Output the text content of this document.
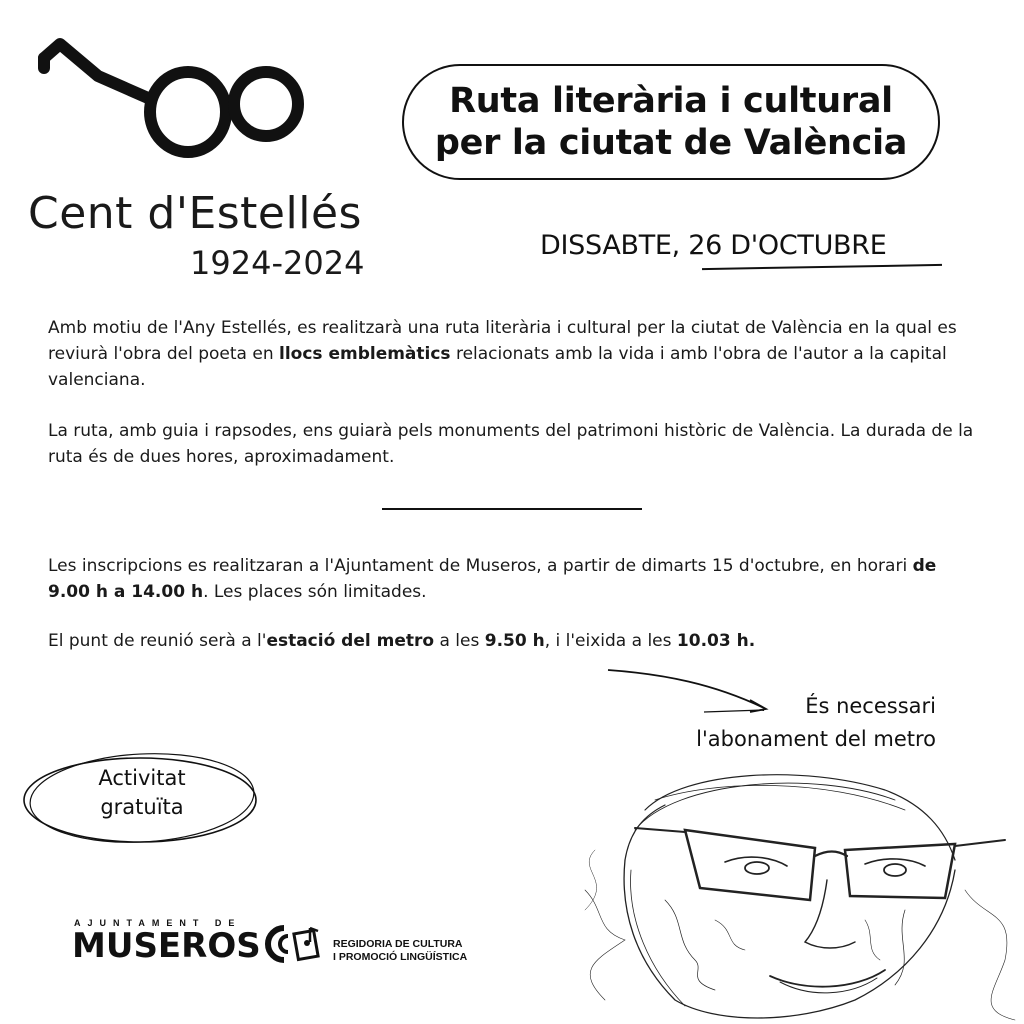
Cent d'Estellés
1924-2024
Ruta literària i cultural
per la ciutat de València
DISSABTE, 26 D'OCTUBRE
Amb motiu de l'Any Estellés, es realitzarà una ruta literària i cultural per la ciutat de València en la qual es reviurà l'obra del poeta en llocs emblemàtics relacionats amb la vida i amb l'obra de l'autor a la capital valenciana.
La ruta, amb guia i rapsodes, ens guiarà pels monuments del patrimoni històric de València. La durada de la ruta és de dues hores, aproximadament.
Les inscripcions es realitzaran a l'Ajuntament de Museros, a partir de dimarts 15 d'octubre, en horari de 9.00 h a 14.00 h. Les places són limitades.
El punt de reunió serà a l'estació del metro a les 9.50 h, i l'eixida a les 10.03 h.
És necessari
l'abonament del metro
Activitat
gratuïta
AJUNTAMENT DE
MUSEROS	REGIDORIA DE CULTURA
I PROMOCIÓ LINGÜÍSTICA
